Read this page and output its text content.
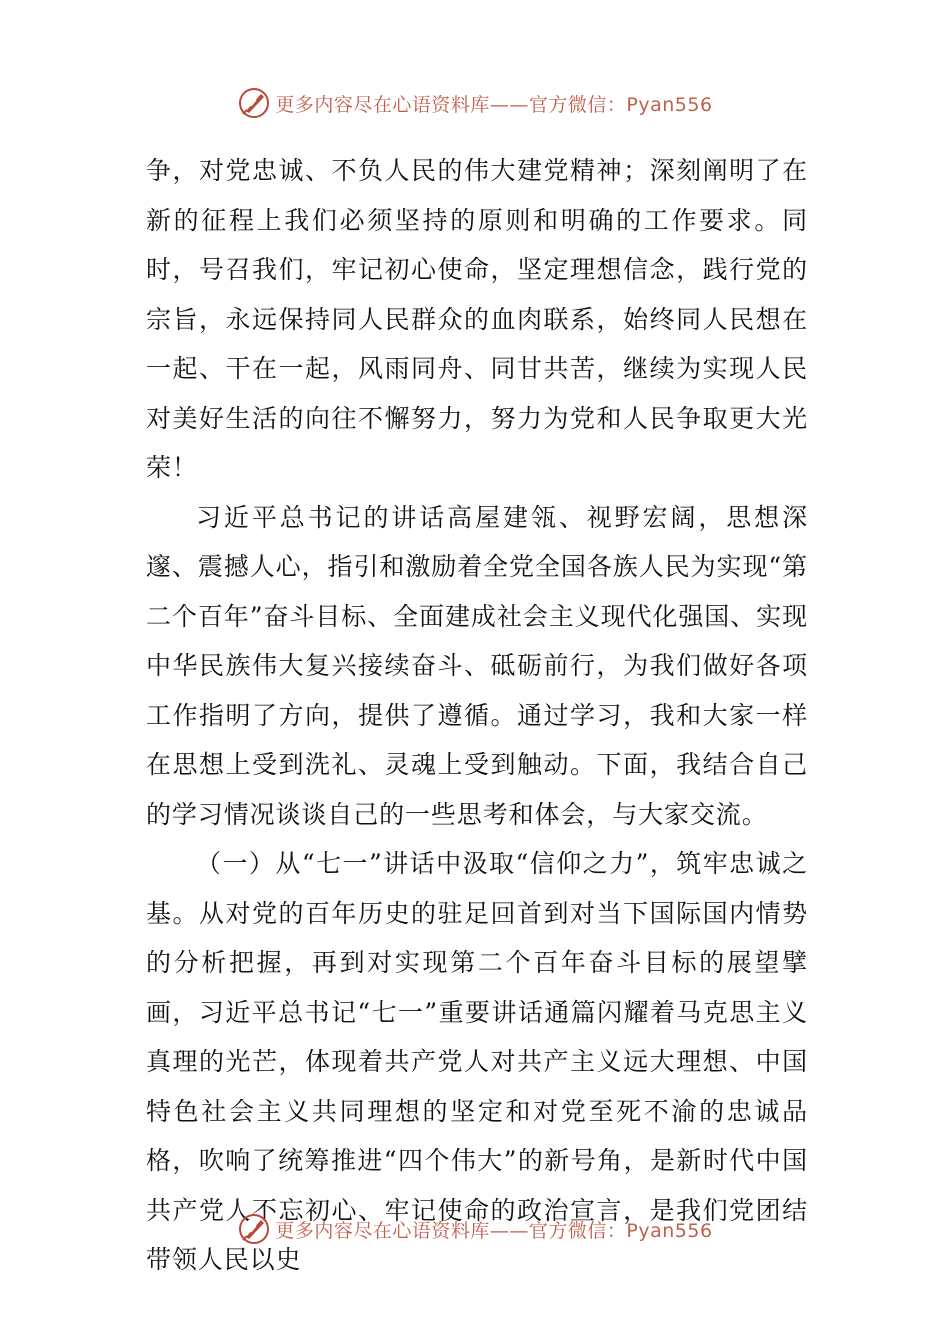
更多内容尽在心语资料库——官方微信：Pyan556

争，对党忠诚、不负人民的伟大建党精神；深刻阐明了在新的征程上我们必须坚持的原则和明确的工作要求。同时，号召我们，牢记初心使命，坚定理想信念，践行党的宗旨，永远保持同人民群众的血肉联系，始终同人民想在一起、干在一起，风雨同舟、同甘共苦，继续为实现人民对美好生活的向往不懈努力，努力为党和人民争取更大光荣！

习近平总书记的讲话高屋建瓴、视野宏阔，思想深邃、震撼人心，指引和激励着全党全国各族人民为实现“第二个百年”奋斗目标、全面建成社会主义现代化强国、实现中华民族伟大复兴接续奋斗、砥砺前行，为我们做好各项工作指明了方向，提供了遵循。通过学习，我和大家一样在思想上受到洗礼、灵魂上受到触动。下面，我结合自己的学习情况谈谈自己的一些思考和体会，与大家交流。

（一）从“七一”讲话中汲取“信仰之力”，筑牢忠诚之基。从对党的百年历史的驻足回首到对当下国际国内情势的分析把握，再到对实现第二个百年奋斗目标的展望擘画，习近平总书记“七一”重要讲话通篇闪耀着马克思主义真理的光芒，体现着共产党人对共产主义远大理想、中国特色社会主义共同理想的坚定和对党至死不渝的忠诚品格，吹响了统筹推进“四个伟大”的新号角，是新时代中国共产党人不忘初心、牢记使命的政治宣言，是我们党团结带领人民以史

更多内容尽在心语资料库——官方微信：Pyan556
